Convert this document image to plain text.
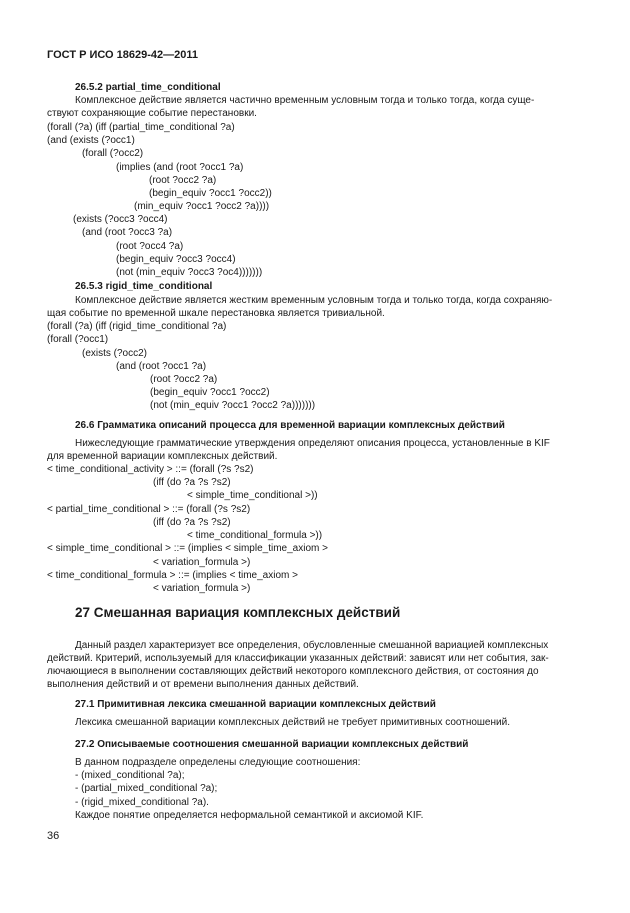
ГОСТ Р ИСО 18629-42—2011
26.5.2 partial_time_conditional
Комплексное действие является частично временным условным тогда и только тогда, когда суще-
ствуют сохраняющие событие перестановки.
(forall (?a) (iff (partial_time_conditional ?a)
(and (exists (?occ1)
(forall (?occ2)
(implies (and (root ?occ1 ?a)
(root ?occ2 ?a)
(begin_equiv ?occ1 ?occ2))
(min_equiv ?occ1 ?occ2 ?a))))
(exists (?occ3 ?occ4)
(and (root ?occ3 ?a)
(root ?occ4 ?a)
(begin_equiv ?occ3 ?occ4)
(not (min_equiv ?occ3 ?oc4)))))))
26.5.3 rigid_time_conditional
Комплексное действие является жестким временным условным тогда и только тогда, когда сохраняю-
щая событие по временной шкале перестановка является тривиальной.
(forall (?a) (iff (rigid_time_conditional ?a)
(forall (?occ1)
(exists (?occ2)
(and (root ?occ1 ?a)
(root ?occ2 ?a)
(begin_equiv ?occ1 ?occ2)
(not (min_equiv ?occ1 ?occ2 ?a)))))))
26.6 Грамматика описаний процесса для временной вариации комплексных действий
Нижеследующие грамматические утверждения определяют описания процесса, установленные в KIF
для временной вариации комплексных действий.
< time_conditional_activity > ::= (forall (?s ?s2)
(iff (do ?a ?s ?s2)
< simple_time_conditional >))
< partial_time_conditional > ::= (forall (?s ?s2)
(iff (do ?a ?s ?s2)
< time_conditional_formula >))
< simple_time_conditional > ::= (implies < simple_time_axiom >
< variation_formula >)
< time_conditional_formula > ::= (implies < time_axiom >
< variation_formula >)
27 Смешанная вариация комплексных действий
Данный раздел характеризует все определения, обусловленные смешанной вариацией комплексных
действий. Критерий, используемый для классификации указанных действий: зависят или нет события, зак-
лючающиеся в выполнении составляющих действий некоторого комплексного действия, от состояния до
выполнения действий и от времени выполнения данных действий.
27.1 Примитивная лексика смешанной вариации комплексных действий
Лексика смешанной вариации комплексных действий не требует примитивных соотношений.
27.2 Описываемые соотношения смешанной вариации комплексных действий
В данном подразделе определены следующие соотношения:
- (mixed_conditional ?a);
- (partial_mixed_conditional ?a);
- (rigid_mixed_conditional ?a).
Каждое понятие определяется неформальной семантикой и аксиомой KIF.
36
